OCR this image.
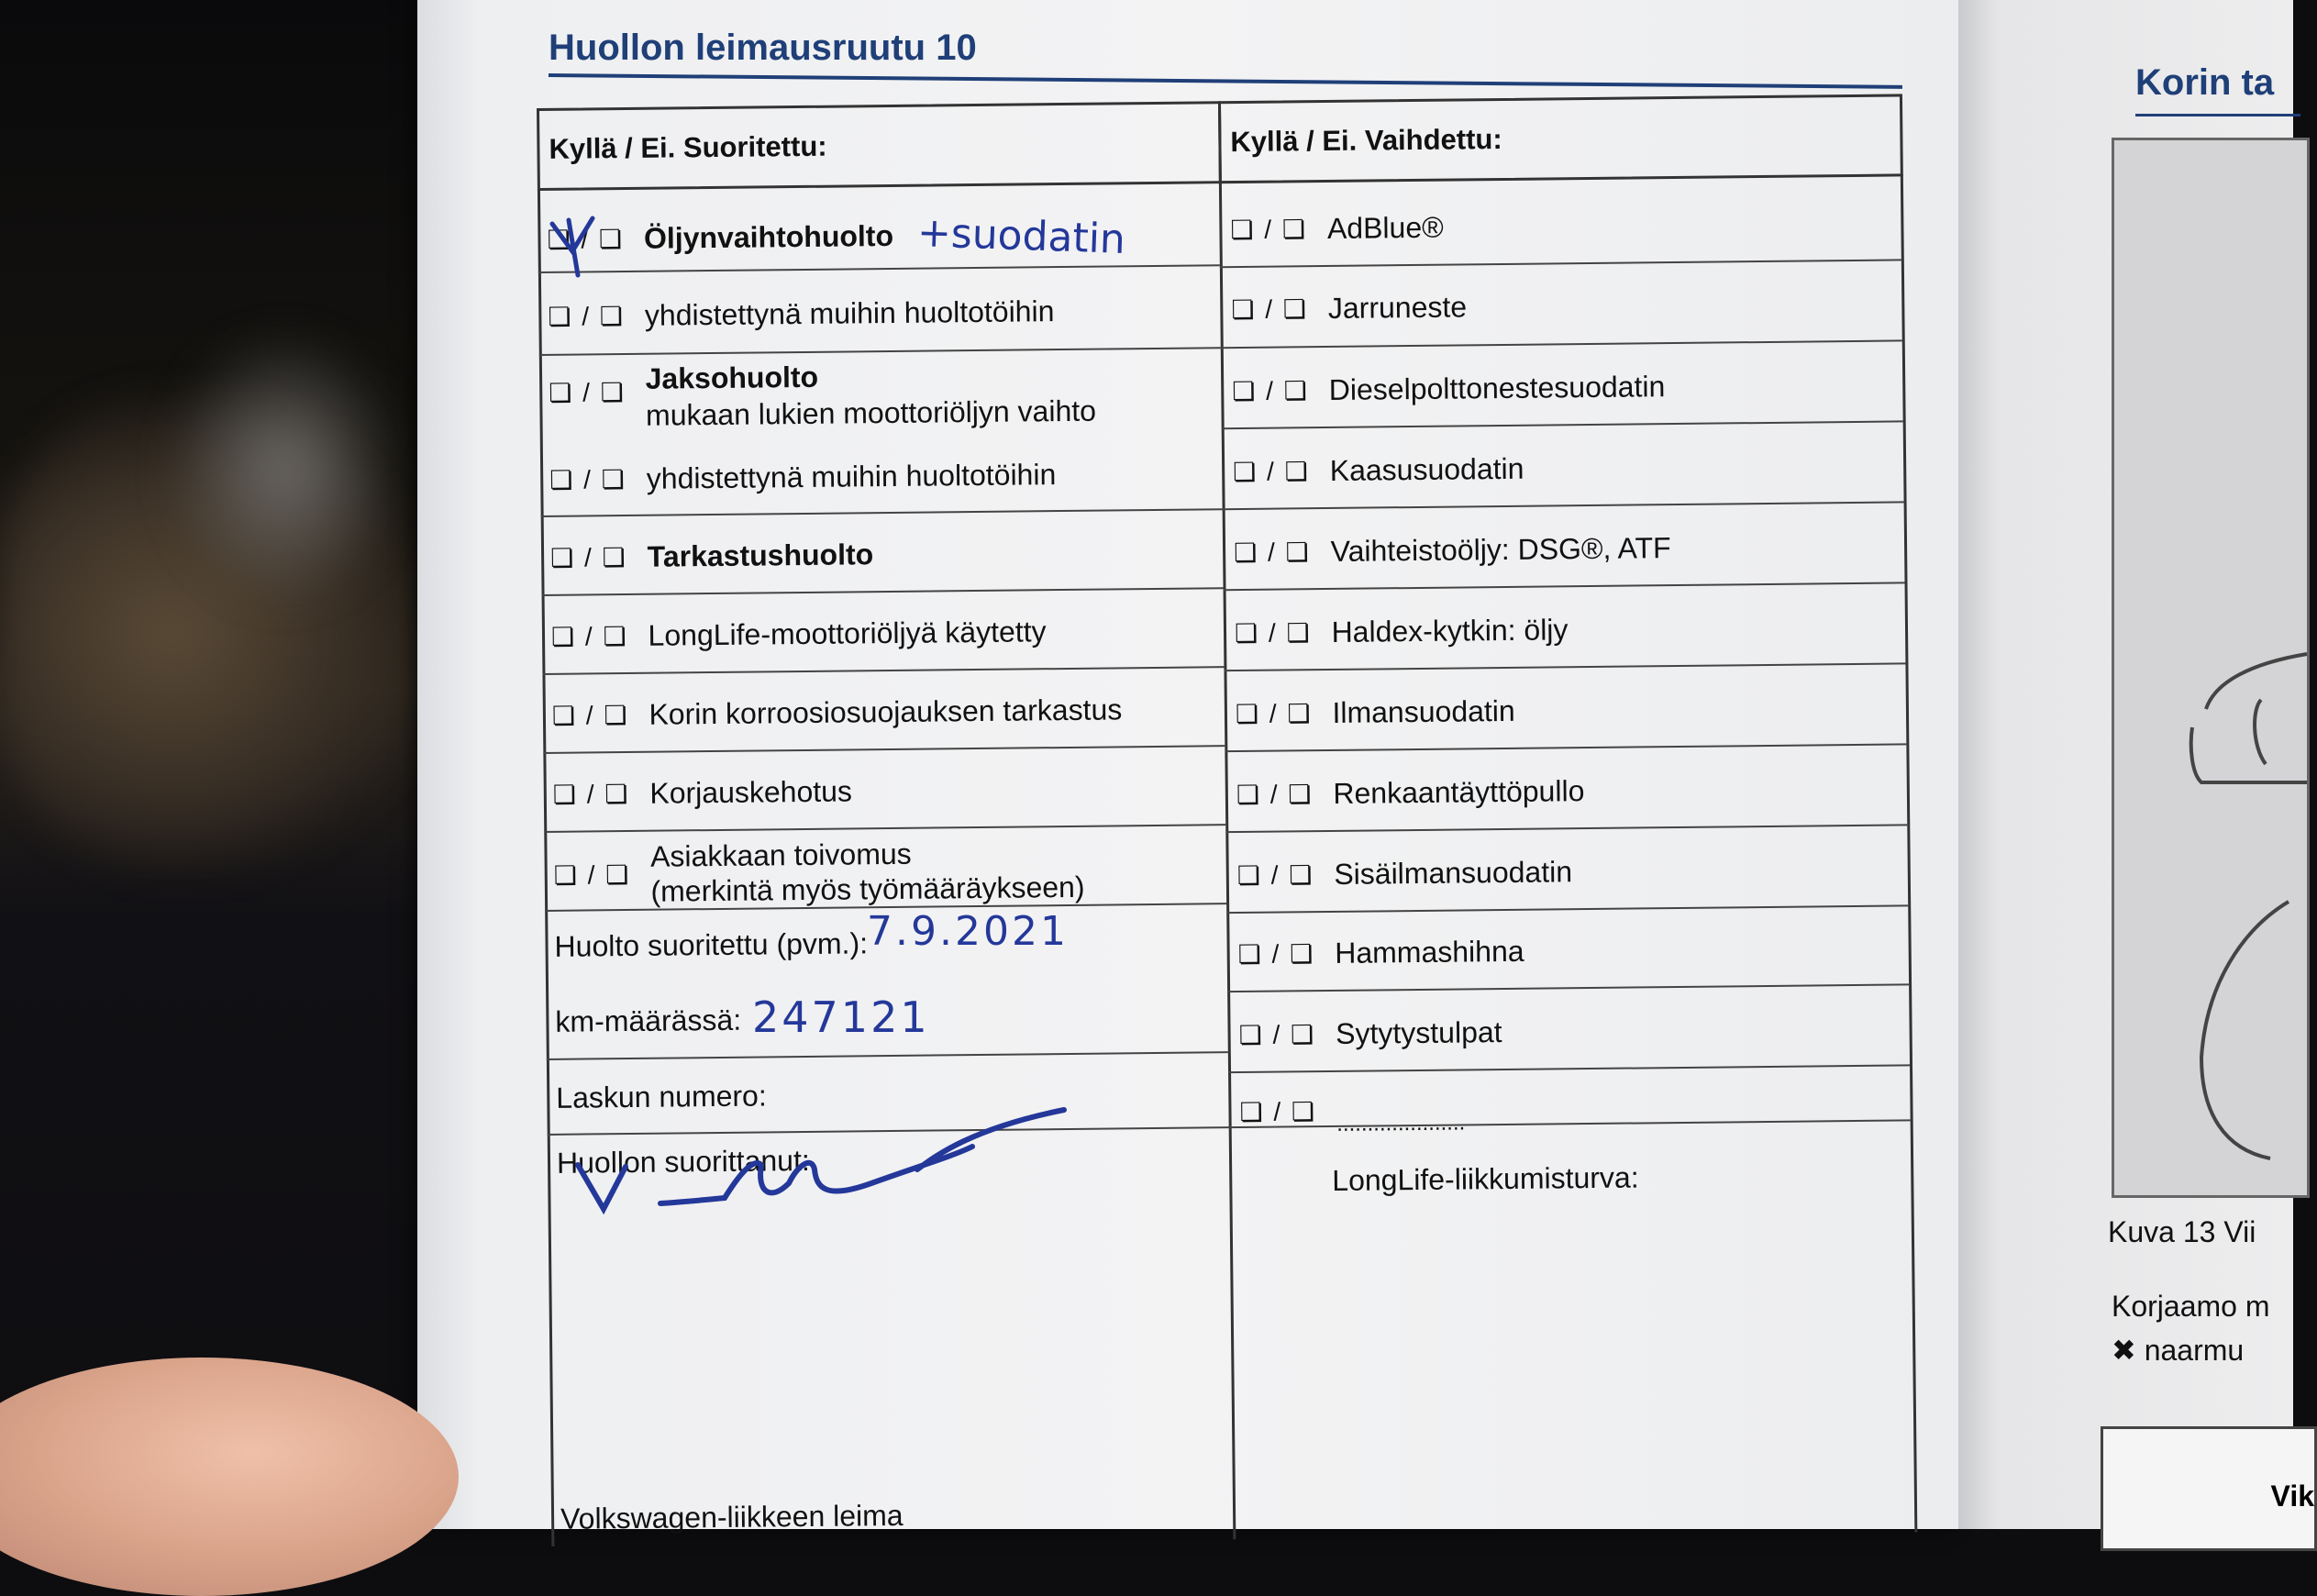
Huollon leimausruutu 10
Kyllä / Ei. Suoritettu:	Kyllä / Ei. Vaihdettu:
❏ / ❏ Öljynvaihtohuolto
❏ / ❏ yhdistettynä muihin huoltotöihin
❏ / ❏ Jaksohuolto
mukaan lukien moottoriöljyn vaihto
❏ / ❏ yhdistettynä muihin huoltotöihin
❏ / ❏ Tarkastushuolto
❏ / ❏ LongLife-moottoriöljyä käytetty
❏ / ❏ Korin korroosiosuojauksen tarkastus
❏ / ❏ Korjauskehotus
❏ / ❏
Asiakkaan toivomus
(merkintä myös työmääräykseen)
Huolto suoritettu (pvm.):
km-määrässä:
Laskun numero:
Huollon suorittanut:
Volkswagen-liikkeen leima
❏ / ❏ AdBlue®
❏ / ❏ Jarruneste
❏ / ❏ Dieselpolttonestesuodatin
❏ / ❏ Kaasusuodatin
❏ / ❏ Vaihteistoöljy: DSG®, ATF
❏ / ❏ Haldex-kytkin: öljy
❏ / ❏ Ilmansuodatin
❏ / ❏ Renkaantäyttöpullo
❏ / ❏ Sisäilmansuodatin
❏ / ❏ Hammashihna
❏ / ❏ Sytytystulpat
❏ / ❏ .....................
LongLife-liikkumisturva:
+suodatin
7.9.2021
247121
Korin ta
Kuva 13 Vii
Korjaamo m
✖ naarmu
Vik
